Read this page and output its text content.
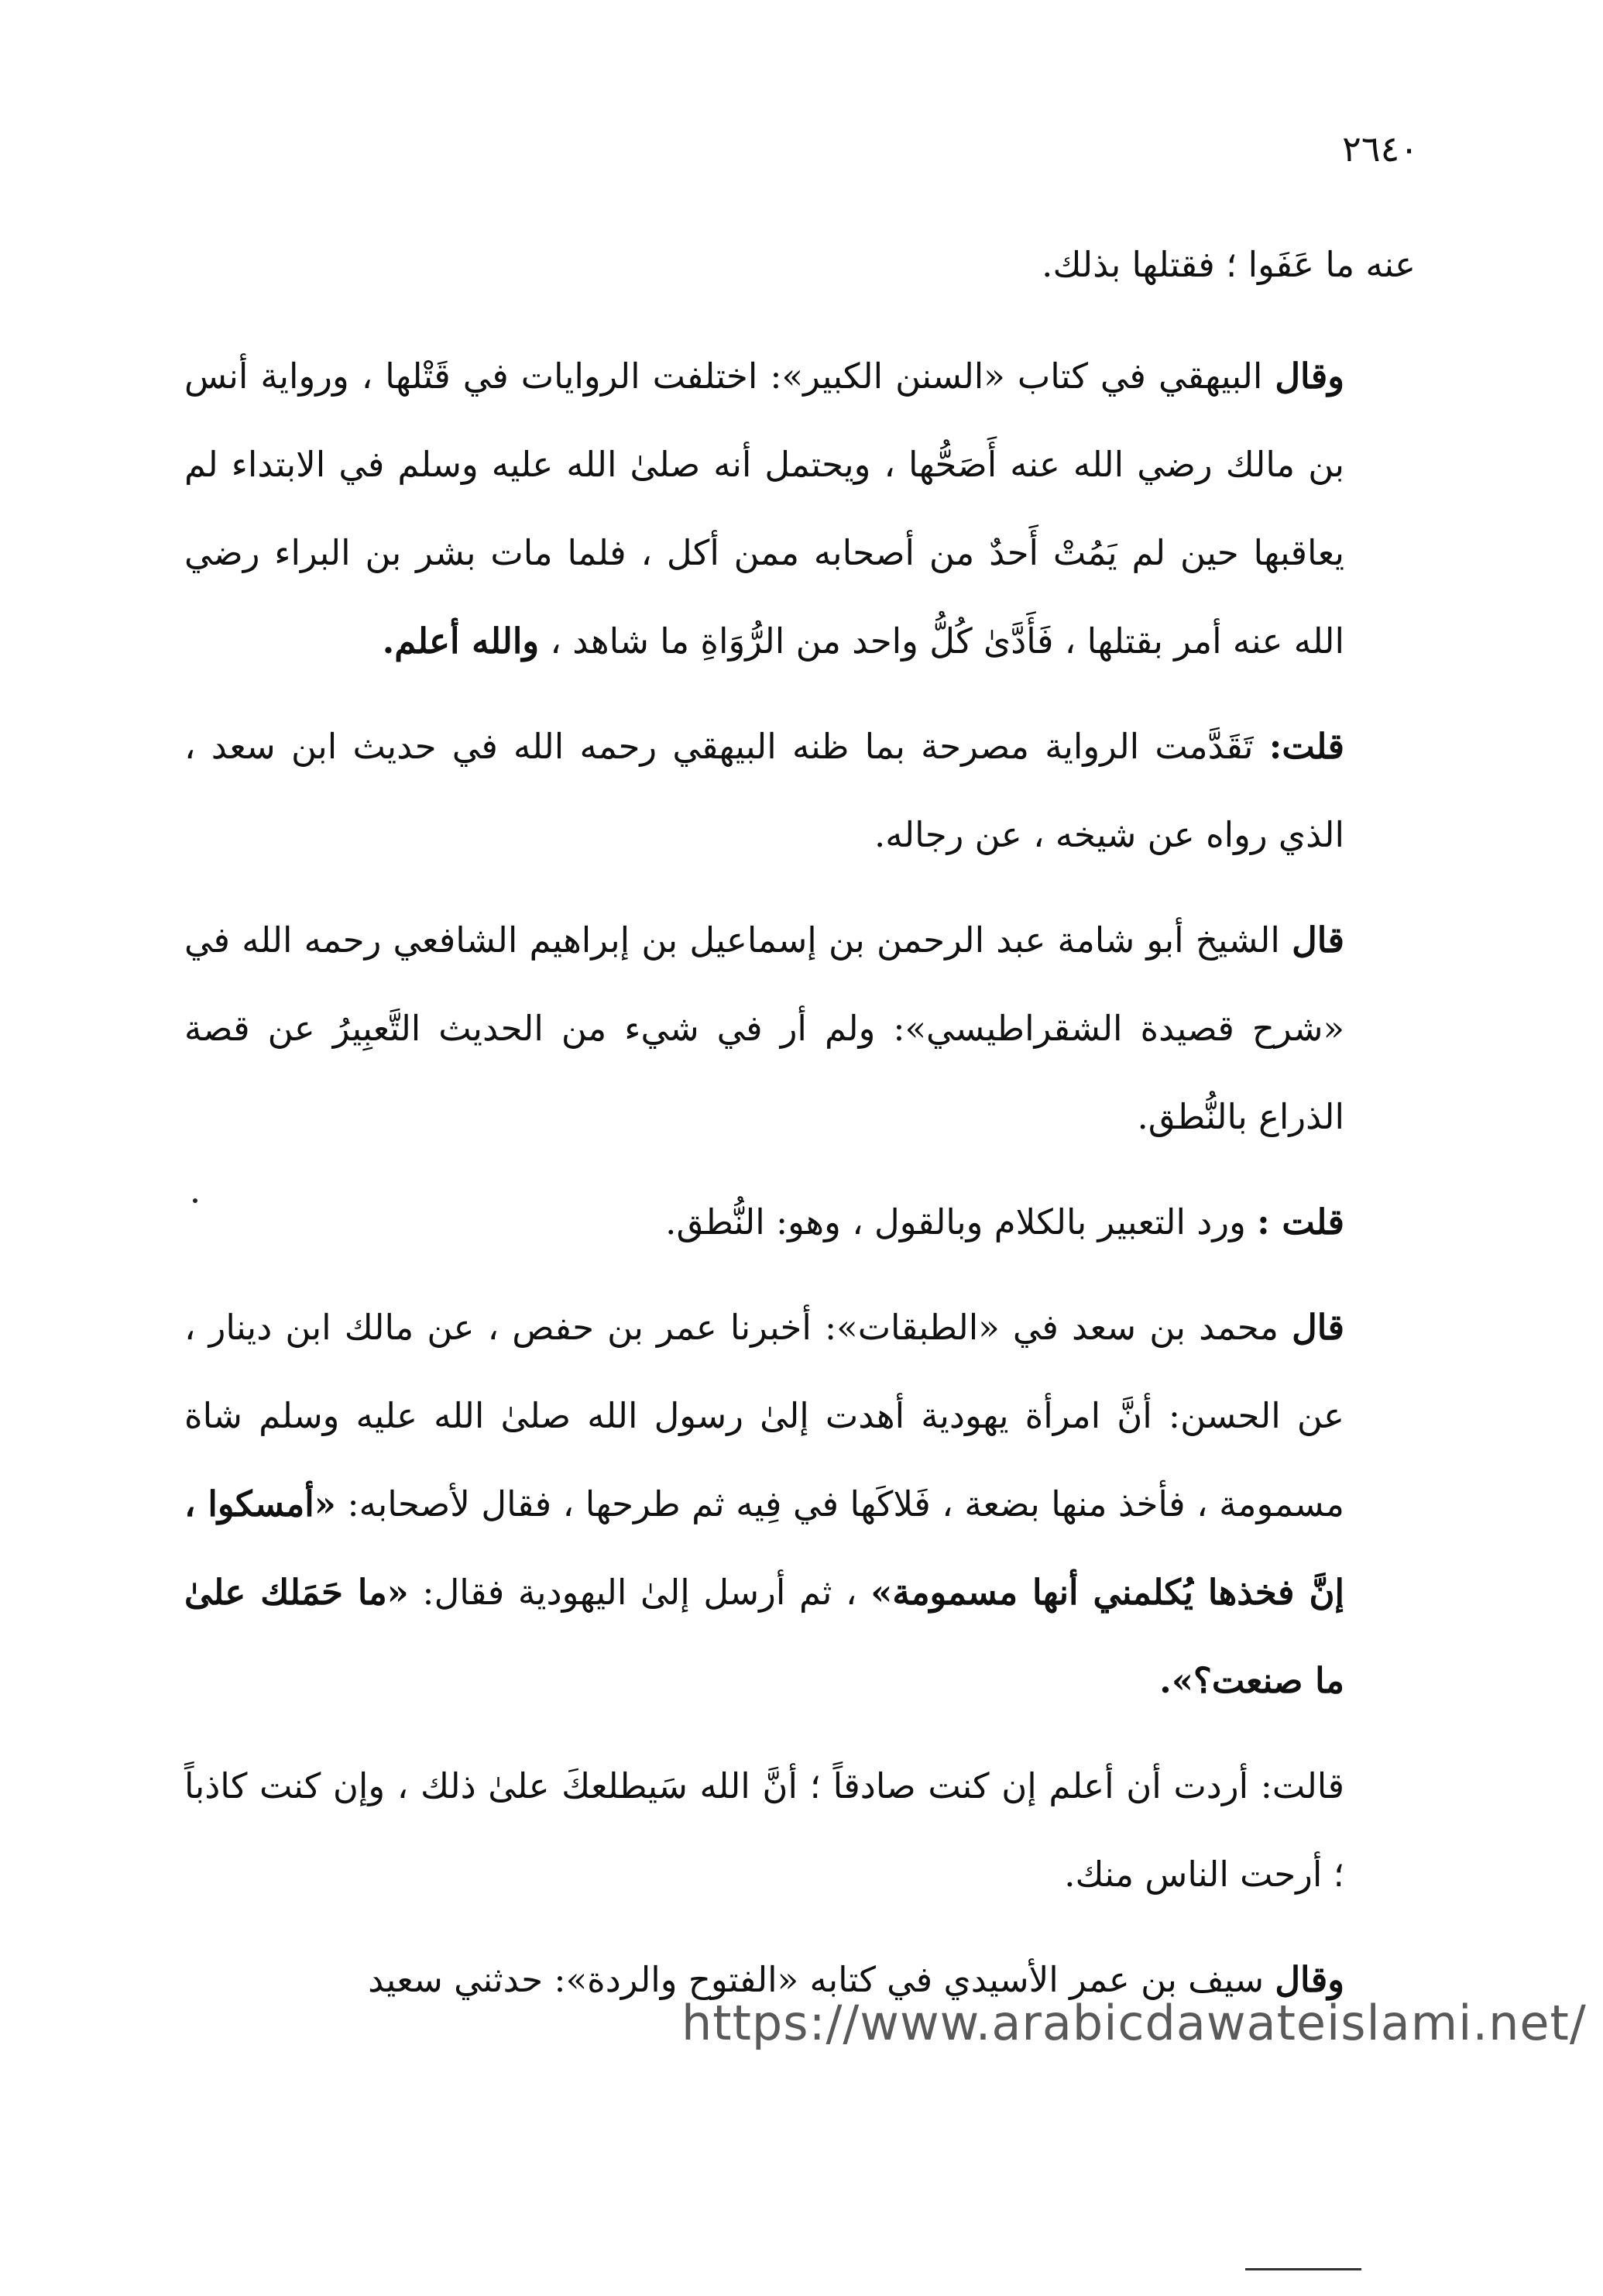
٢٦٤٠

عنه ما عَفَوا ؛ فقتلها بذلك.

وقال البيهقي في كتاب «السنن الكبير»: اختلفت الروايات في قَتْلها ، ورواية أنس بن مالك رضي الله عنه أَصَحُّها ، ويحتمل أنه صلىٰ الله عليه وسلم في الابتداء لم يعاقبها حين لم يَمُتْ أَحدٌ من أصحابه ممن أكل ، فلما مات بشر بن البراء رضي الله عنه أمر بقتلها ، فَأَدَّىٰ كُلُّ واحد من الرُّوَاةِ ما شاهد ، والله أعلم.

قلت: تَقَدَّمت الرواية مصرحة بما ظنه البيهقي رحمه الله في حديث ابن سعد ، الذي رواه عن شيخه ، عن رجاله.

قال الشيخ أبو شامة عبد الرحمن بن إسماعيل بن إبراهيم الشافعي رحمه الله في «شرح قصيدة الشقراطيسي»: ولم أر في شيء من الحديث التَّعبِيرُ عن قصة الذراع بالنُّطق.

قلت : ورد التعبير بالكلام وبالقول ، وهو: النُّطق.

قال محمد بن سعد في «الطبقات»: أخبرنا عمر بن حفص ، عن مالك ابن دينار ، عن الحسن: أنَّ امرأة يهودية أهدت إلىٰ رسول الله صلىٰ الله عليه وسلم شاة مسمومة ، فأخذ منها بضعة ، فَلاكَها في فِيه ثم طرحها ، فقال لأصحابه: «أمسكوا ، إنَّ فخذها يُكلمني أنها مسمومة» ، ثم أرسل إلىٰ اليهودية فقال: «ما حَمَلك علىٰ ما صنعت؟».

قالت: أردت أن أعلم إن كنت صادقاً ؛ أنَّ الله سَيطلعكَ علىٰ ذلك ، وإن كنت كاذباً ؛ أرحت الناس منك.

وقال سيف بن عمر الأسيدي في كتابه «الفتوح والردة»: حدثني سعيد

https://www.arabicdawateislami.net/
